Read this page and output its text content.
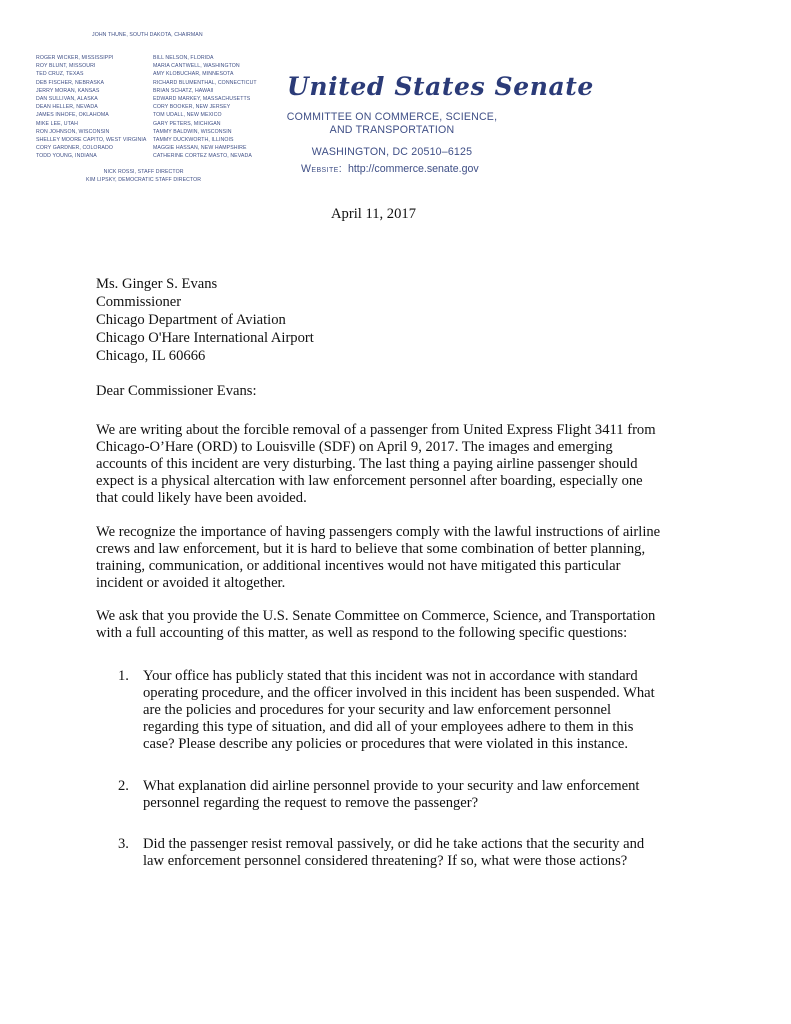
JOHN THUNE, SOUTH DAKOTA, CHAIRMAN
ROGER WICKER, MISSISSIPPI
ROY BLUNT, MISSOURI
TED CRUZ, TEXAS
DEB FISCHER, NEBRASKA
JERRY MORAN, KANSAS
DAN SULLIVAN, ALASKA
DEAN HELLER, NEVADA
JAMES INHOFE, OKLAHOMA
MIKE LEE, UTAH
RON JOHNSON, WISCONSIN
SHELLEY MOORE CAPITO, WEST VIRGINIA
CORY GARDNER, COLORADO
TODD YOUNG, INDIANA
BILL NELSON, FLORIDA
MARIA CANTWELL, WASHINGTON
AMY KLOBUCHAR, MINNESOTA
RICHARD BLUMENTHAL, CONNECTICUT
BRIAN SCHATZ, HAWAII
EDWARD MARKEY, MASSACHUSETTS
CORY BOOKER, NEW JERSEY
TOM UDALL, NEW MEXICO
GARY PETERS, MICHIGAN
TAMMY BALDWIN, WISCONSIN
TAMMY DUCKWORTH, ILLINOIS
MAGGIE HASSAN, NEW HAMPSHIRE
CATHERINE CORTEZ MASTO, NEVADA
NICK ROSSI, STAFF DIRECTOR
KIM LIPSKY, DEMOCRATIC STAFF DIRECTOR
United States Senate
COMMITTEE ON COMMERCE, SCIENCE,
AND TRANSPORTATION
WASHINGTON, DC 20510–6125
Website: http://commerce.senate.gov
April 11, 2017
Ms. Ginger S. Evans
Commissioner
Chicago Department of Aviation
Chicago O'Hare International Airport
Chicago, IL 60666
Dear Commissioner Evans:
We are writing about the forcible removal of a passenger from United Express Flight 3411 from
Chicago-O’Hare (ORD) to Louisville (SDF) on April 9, 2017. The images and emerging
accounts of this incident are very disturbing. The last thing a paying airline passenger should
expect is a physical altercation with law enforcement personnel after boarding, especially one
that could likely have been avoided.
We recognize the importance of having passengers comply with the lawful instructions of airline
crews and law enforcement, but it is hard to believe that some combination of better planning,
training, communication, or additional incentives would not have mitigated this particular
incident or avoided it altogether.
We ask that you provide the U.S. Senate Committee on Commerce, Science, and Transportation
with a full accounting of this matter, as well as respond to the following specific questions:
1. Your office has publicly stated that this incident was not in accordance with standard
operating procedure, and the officer involved in this incident has been suspended. What
are the policies and procedures for your security and law enforcement personnel
regarding this type of situation, and did all of your employees adhere to them in this
case? Please describe any policies or procedures that were violated in this instance.
2. What explanation did airline personnel provide to your security and law enforcement
personnel regarding the request to remove the passenger?
3. Did the passenger resist removal passively, or did he take actions that the security and
law enforcement personnel considered threatening? If so, what were those actions?
